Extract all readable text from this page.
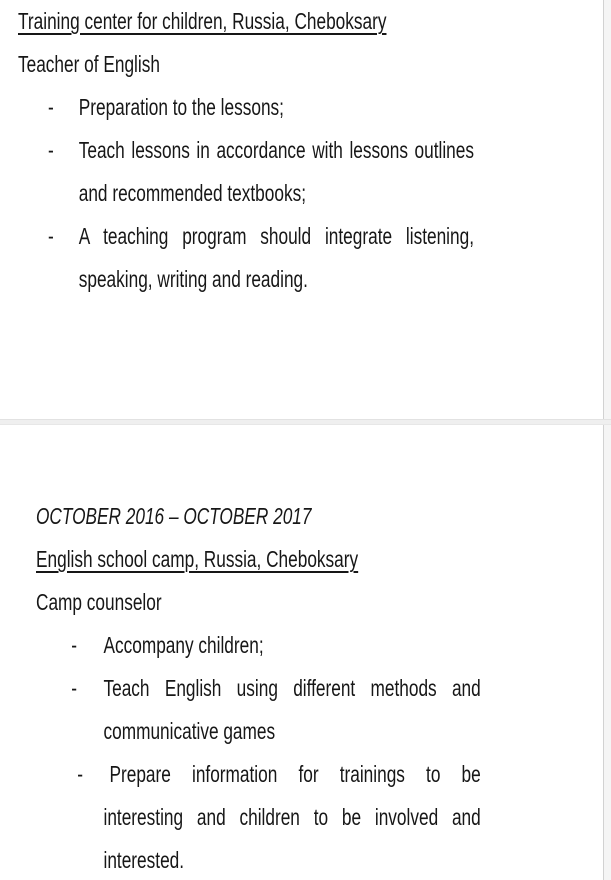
Training center for children, Russia, Cheboksary

Teacher of English

- Preparation to the lessons;
- Teach lessons in accordance with lessons outlines and recommended textbooks;
- A teaching program should integrate listening, speaking, writing and reading.

OCTOBER 2016 – OCTOBER 2017

English school camp, Russia, Cheboksary

Camp counselor

- Accompany children;
- Teach English using different methods and communicative games
- Prepare information for trainings to be interesting and children to be involved and interested.
